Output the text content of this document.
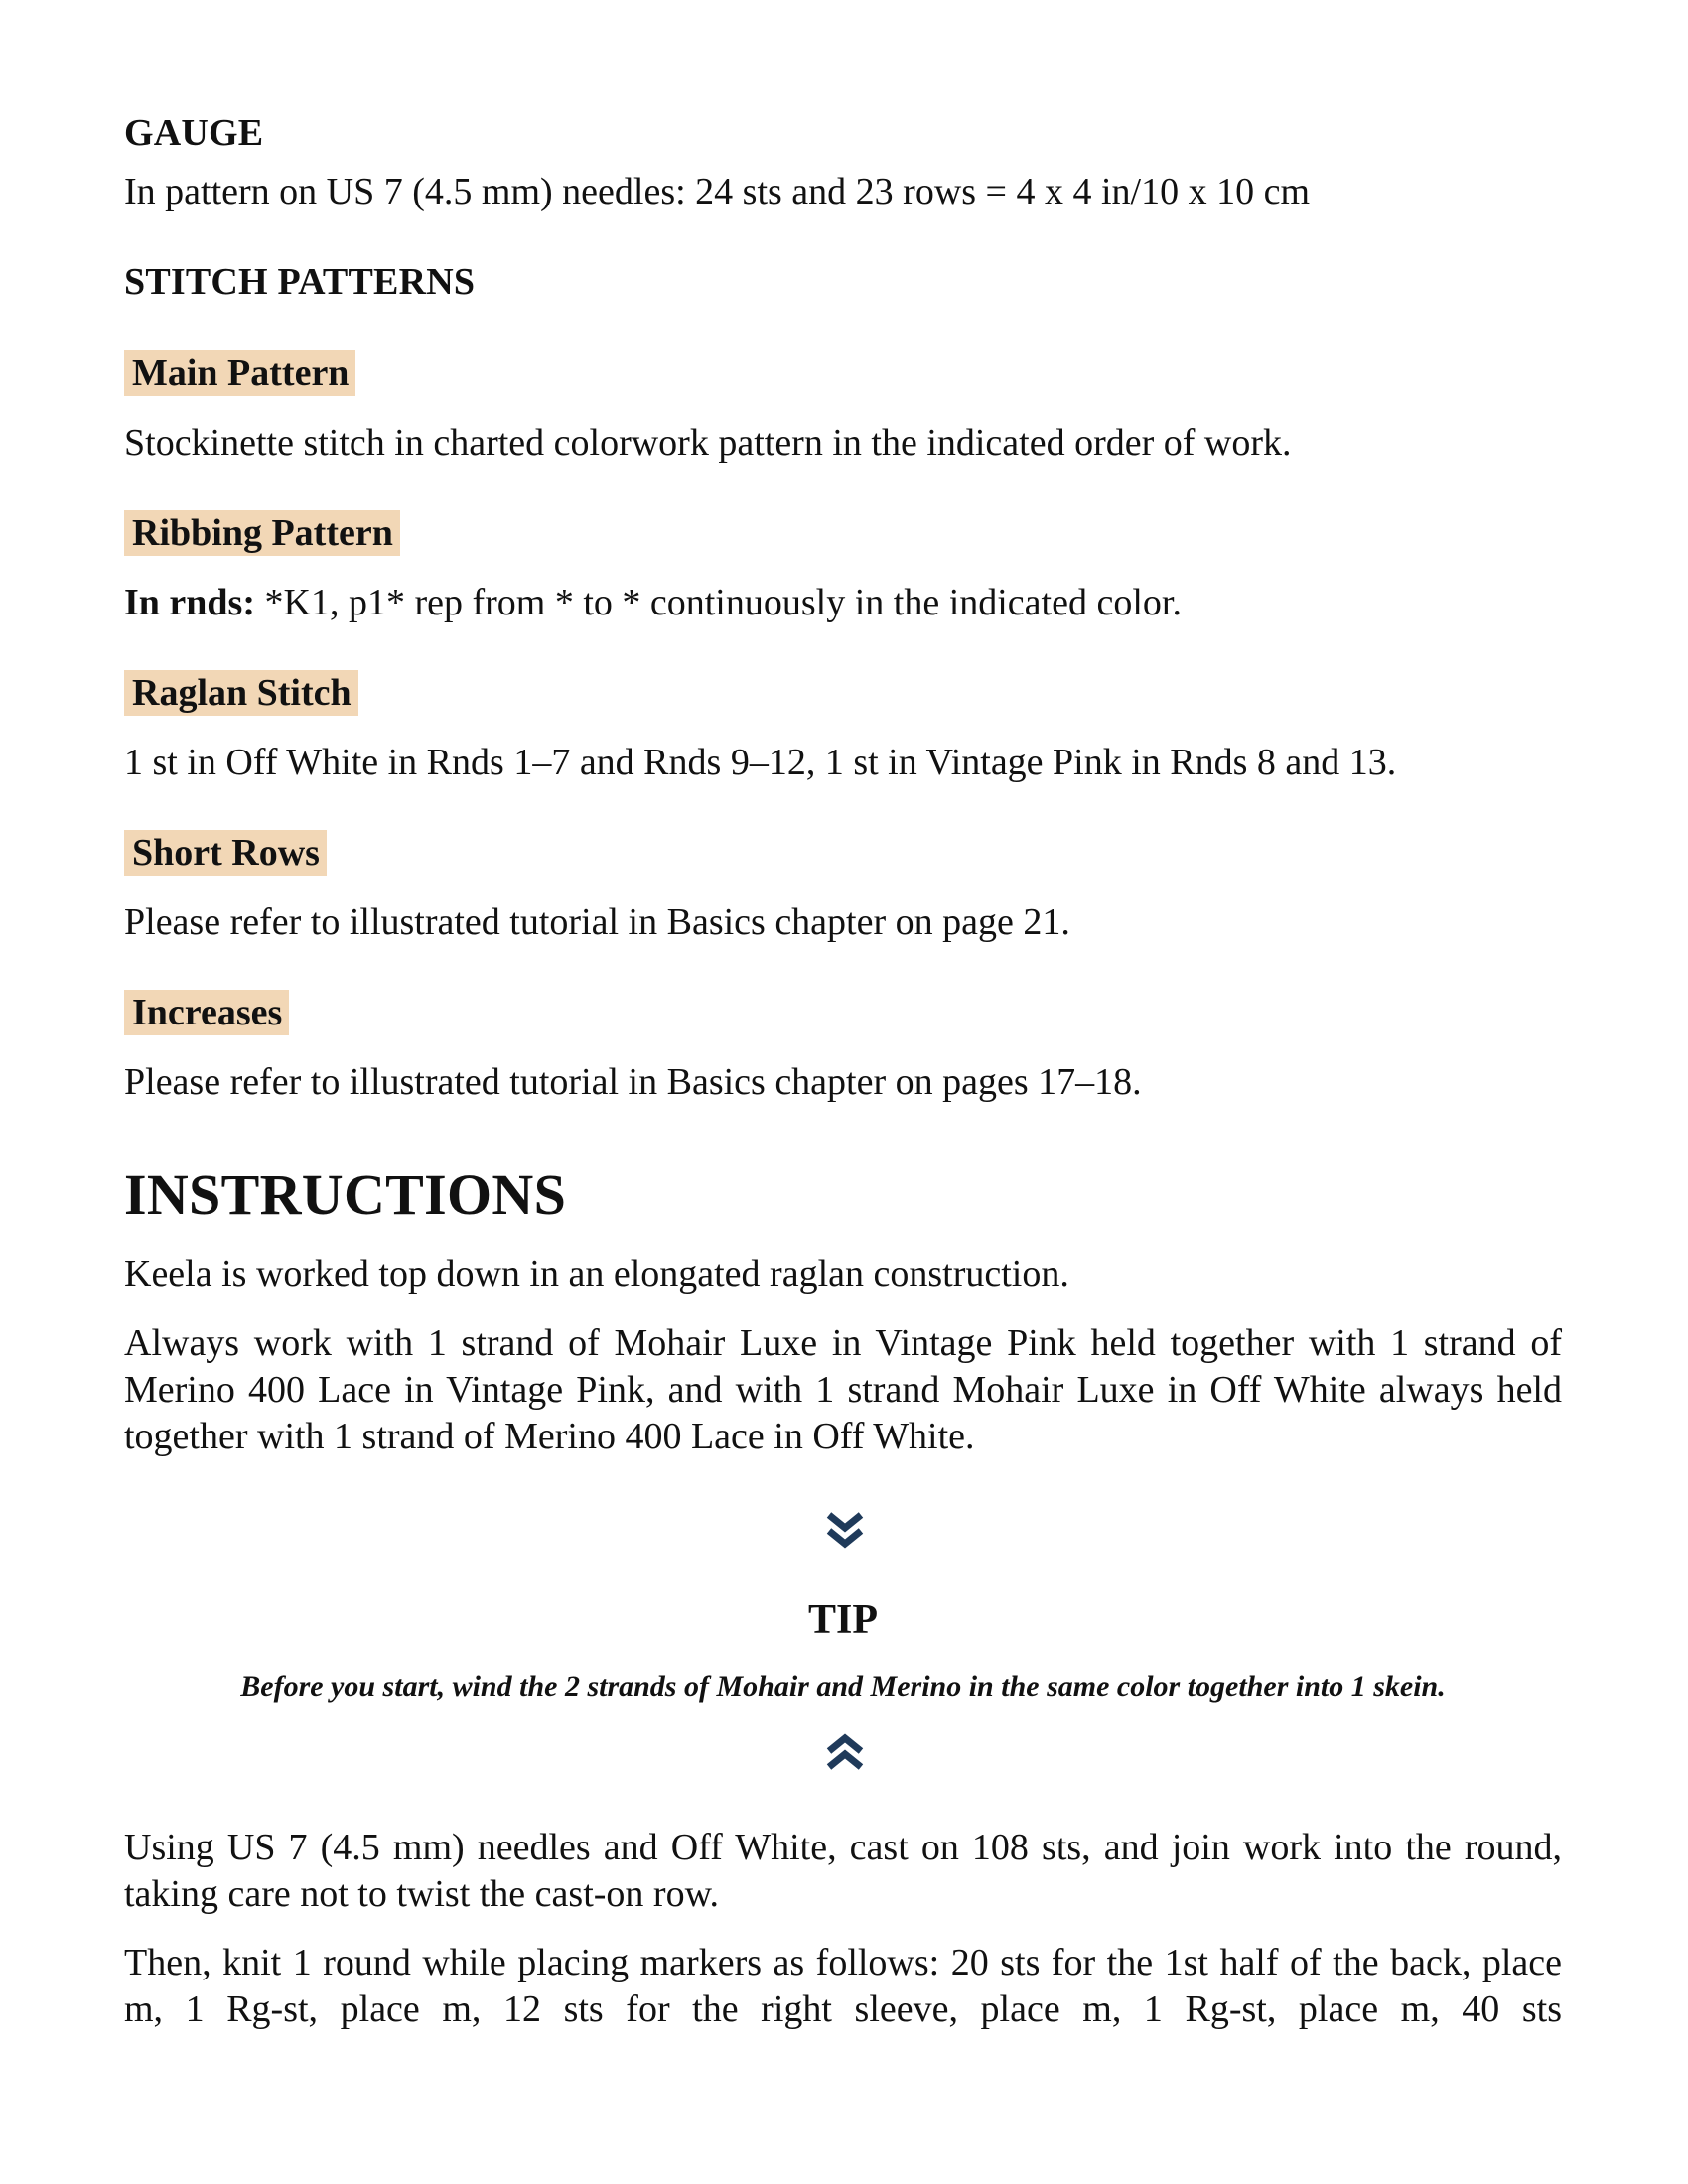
GAUGE
In pattern on US 7 (4.5 mm) needles: 24 sts and 23 rows = 4 x 4 in/10 x 10 cm
STITCH PATTERNS
Main Pattern
Stockinette stitch in charted colorwork pattern in the indicated order of work.
Ribbing Pattern
In rnds: *K1, p1* rep from * to * continuously in the indicated color.
Raglan Stitch
1 st in Off White in Rnds 1–7 and Rnds 9–12, 1 st in Vintage Pink in Rnds 8 and 13.
Short Rows
Please refer to illustrated tutorial in Basics chapter on page 21.
Increases
Please refer to illustrated tutorial in Basics chapter on pages 17–18.
INSTRUCTIONS
Keela is worked top down in an elongated raglan construction.
Always work with 1 strand of Mohair Luxe in Vintage Pink held together with 1 strand of Merino 400 Lace in Vintage Pink, and with 1 strand Mohair Luxe in Off White always held together with 1 strand of Merino 400 Lace in Off White.
TIP
Before you start, wind the 2 strands of Mohair and Merino in the same color together into 1 skein.
Using US 7 (4.5 mm) needles and Off White, cast on 108 sts, and join work into the round, taking care not to twist the cast-on row.
Then, knit 1 round while placing markers as follows: 20 sts for the 1st half of the back, place m, 1 Rg-st, place m, 12 sts for the right sleeve, place m, 1 Rg-st, place m, 40 sts
